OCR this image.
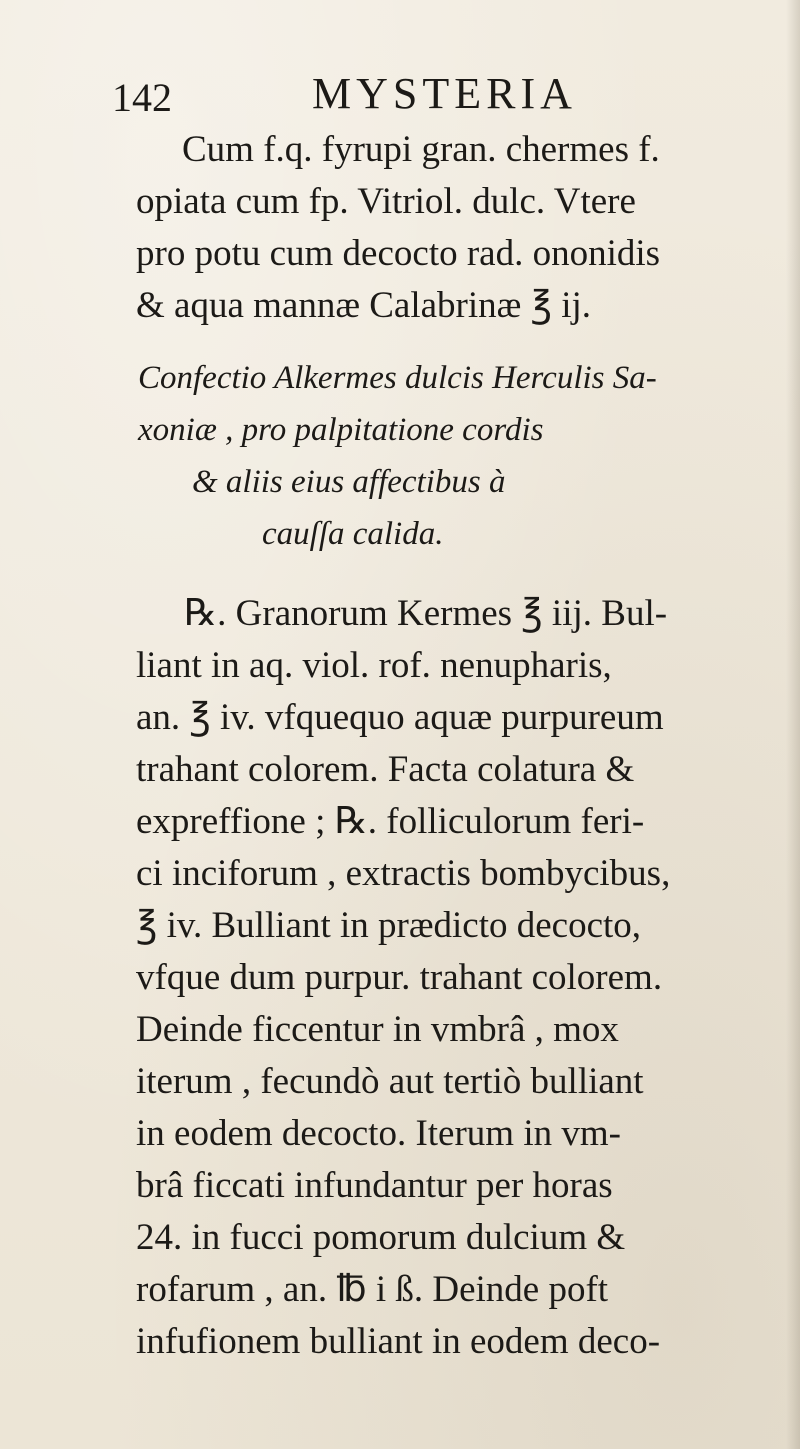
142	MYSTERIA
Cum f.q. fyrupi gran. chermes f.
opiata cum fp. Vitriol. dulc. Vtere
pro potu cum decocto rad. ononidis
& aqua mannæ Calabrinæ ℥ ij.
Confectio Alkermes dulcis Herculis Sa-
xoniæ , pro palpitatione cordis
& aliis eius affectibus à
cauſſa calida.
℞. Granorum Kermes ℥ iij. Bul-
liant in aq. viol. rof. nenupharis,
an. ℥ iv. vfquequo aquæ purpureum
trahant colorem. Facta colatura &
expreffione ; ℞. folliculorum feri-
ci inciforum , extractis bombycibus,
℥ iv. Bulliant in prædicto decocto,
vfque dum purpur. trahant colorem.
Deinde ficcentur in vmbrâ , mox
iterum , fecundò aut tertiò bulliant
in eodem decocto. Iterum in vm-
brâ ficcati infundantur per horas
24. in fucci pomorum dulcium &
rofarum , an. ℔ i ß. Deinde poft
infufionem bulliant in eodem deco-
